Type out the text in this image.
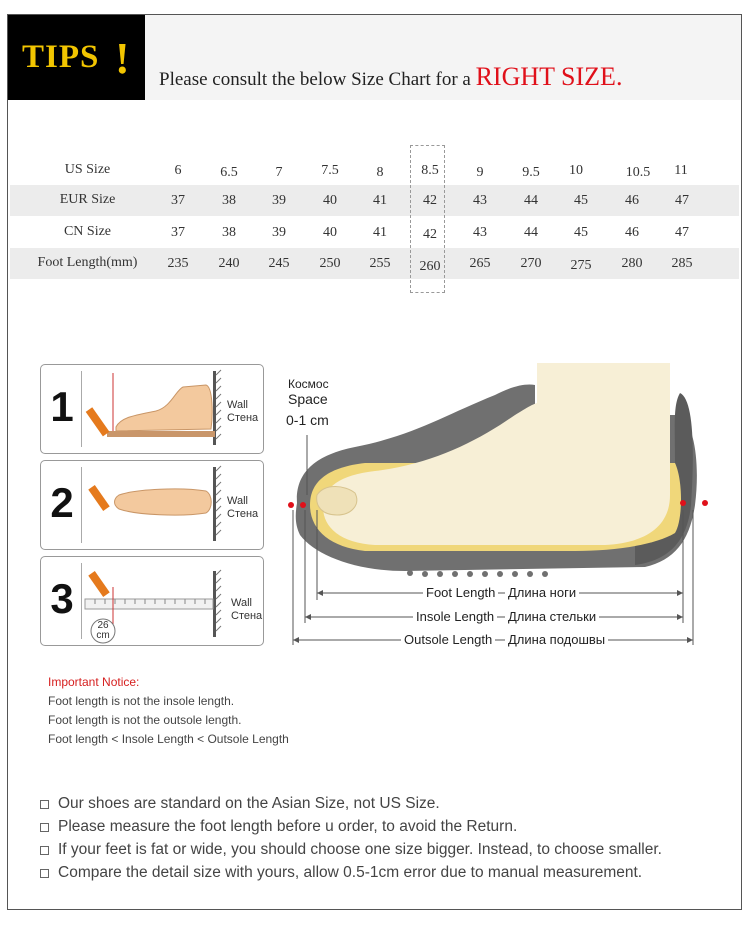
TIPS ! Please consult the below Size Chart for a RIGHT SIZE.
US Size	6	6.5	7	7.5	8	8.5	9	9.5	10	10.5	11
EUR Size	37	38	39	40	41	42	43	44	45	46	47
CN Size	37	38	39	40	41	42	43	44	45	46	47
Foot Length(mm)	235	240	245	250	255	260	265	270	275	280	285
1	Wall
Стена
2	Wall
Стена
3	Wall
Стена
26
cm
Космос
Space
0-1 cm
Foot Length Длина ноги
Insole Length Длина стельки
Outsole Length Длина подошвы
Important Notice:
Foot length is not the insole length.
Foot length is not the outsole length.
Foot length < Insole Length < Outsole Length
Our shoes are standard on the Asian Size, not US Size.
Please measure the foot length before u order, to avoid the Return.
If your feet is fat or wide, you should choose one size bigger. Instead, to choose smaller.
Compare the detail size with yours, allow 0.5-1cm error due to manual measurement.
